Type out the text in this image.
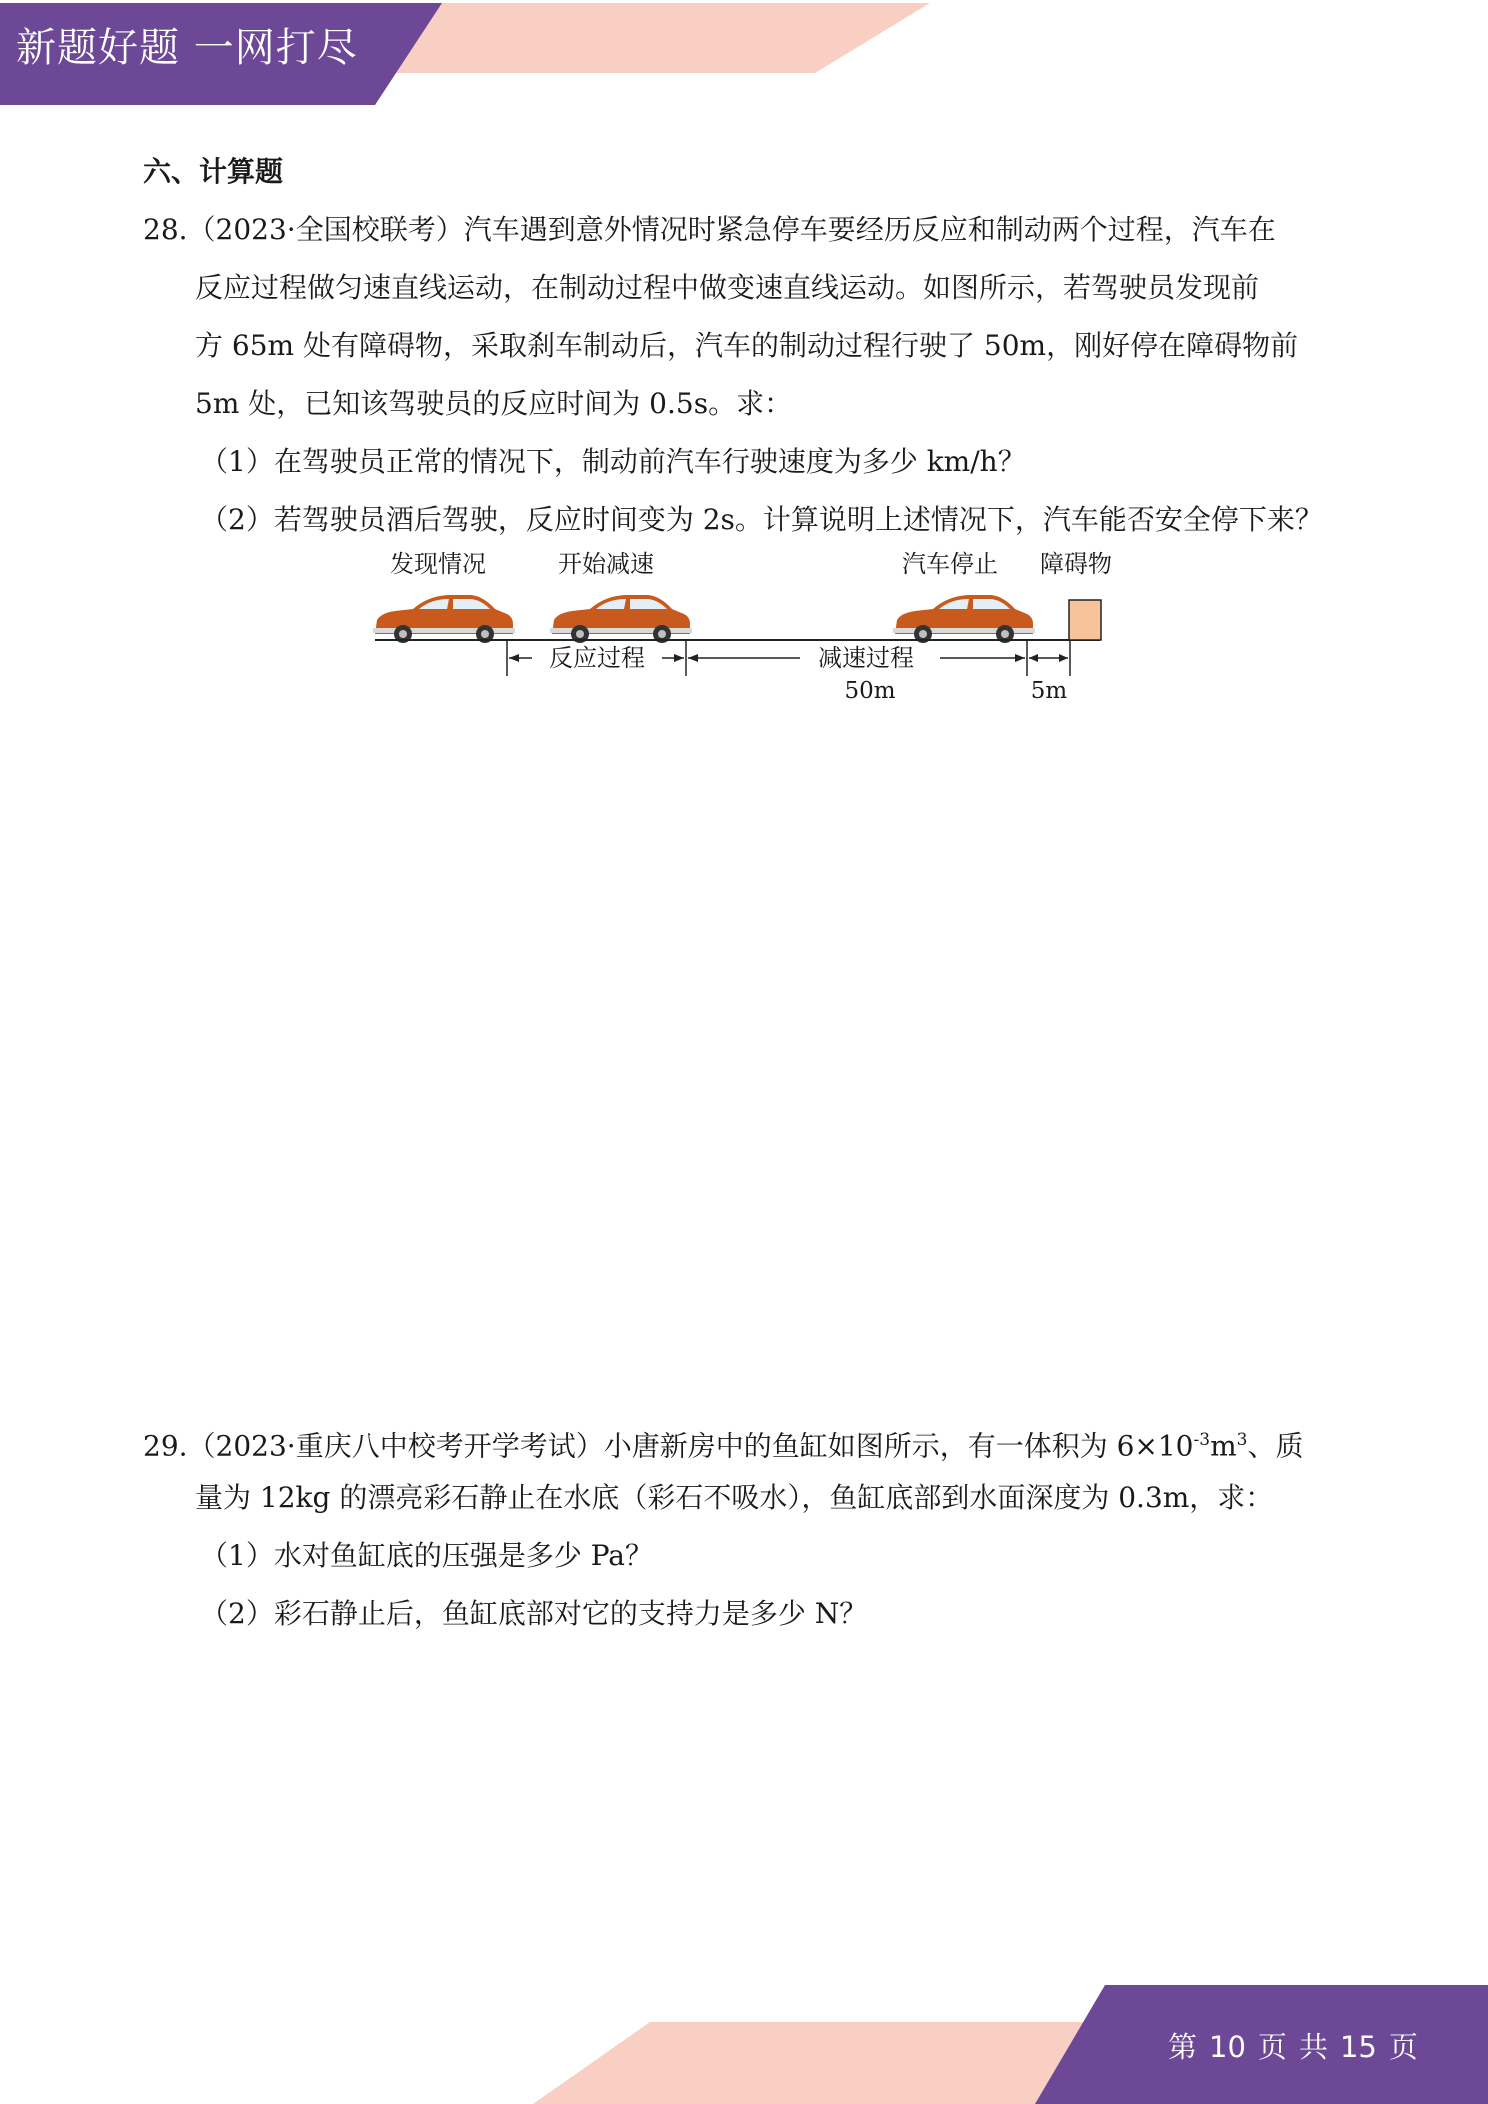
新题好题 一网打尽
六、计算题
28.（2023·全国校联考）汽车遇到意外情况时紧急停车要经历反应和制动两个过程，汽车在
反应过程做匀速直线运动，在制动过程中做变速直线运动。如图所示，若驾驶员发现前
方 65m 处有障碍物，采取刹车制动后，汽车的制动过程行驶了 50m，刚好停在障碍物前
5m 处，已知该驾驶员的反应时间为 0.5s。求：
（1）在驾驶员正常的情况下，制动前汽车行驶速度为多少 km/h？
（2）若驾驶员酒后驾驶，反应时间变为 2s。计算说明上述情况下，汽车能否安全停下来？
发现情况	开始减速	汽车停止 障碍物
反应过程	减速过程
50m	5m
29.（2023·重庆八中校考开学考试）小唐新房中的鱼缸如图所示，有一体积为 $6\times 10^{-3}m^3$、质
量为 12kg 的漂亮彩石静止在水底（彩石不吸水），鱼缸底部到水面深度为 0.3m，求：
（1）水对鱼缸底的压强是多少 Pa？
（2）彩石静止后，鱼缸底部对它的支持力是多少 N？
第 10 页 共 15 页
